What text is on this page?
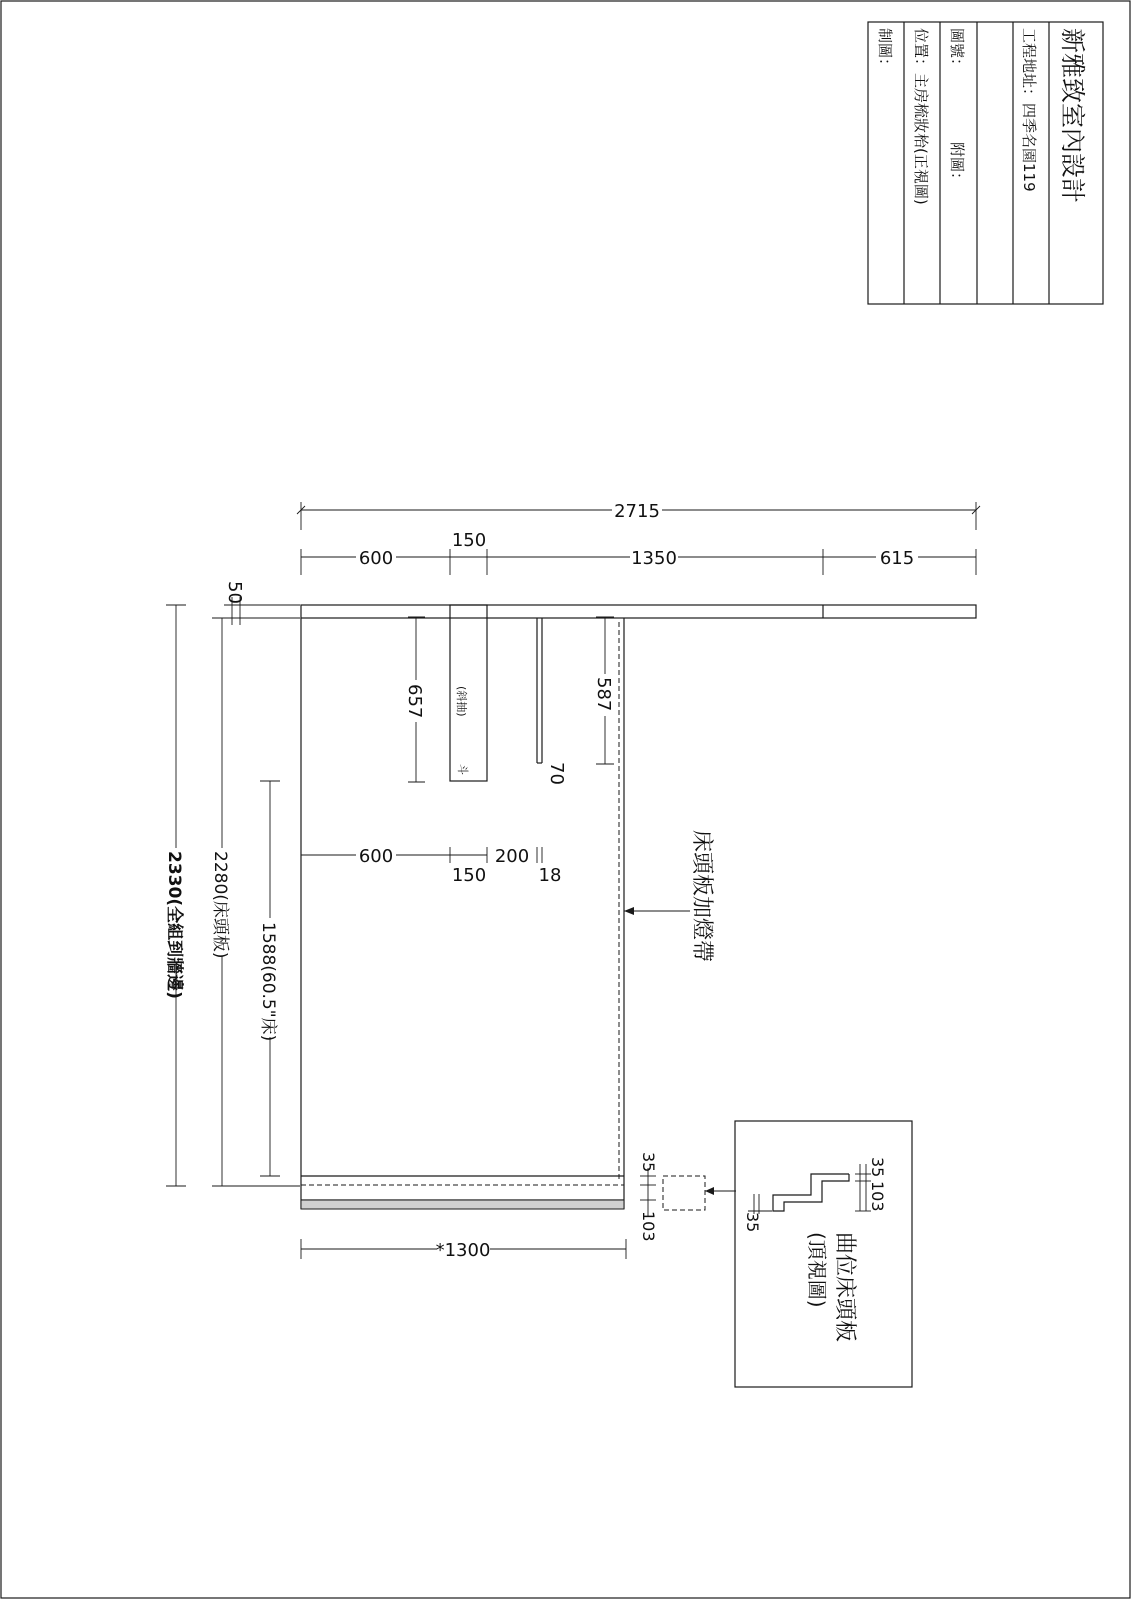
新雅致室內設計
工程地址：四季名園119
圖號：
附圖：
位置：主房梳妝枱(正視圖)
制圖：
2715
600
150
1350	615
(斜抽)
斗
50
657	587
70
600
150
200
18	床頭板加燈帶
2330(全組到牆邊) 2280(床頭板)
1588(60.5"床)
*1300
35
103
35
103
35
曲位床頭板
(頂視圖)
